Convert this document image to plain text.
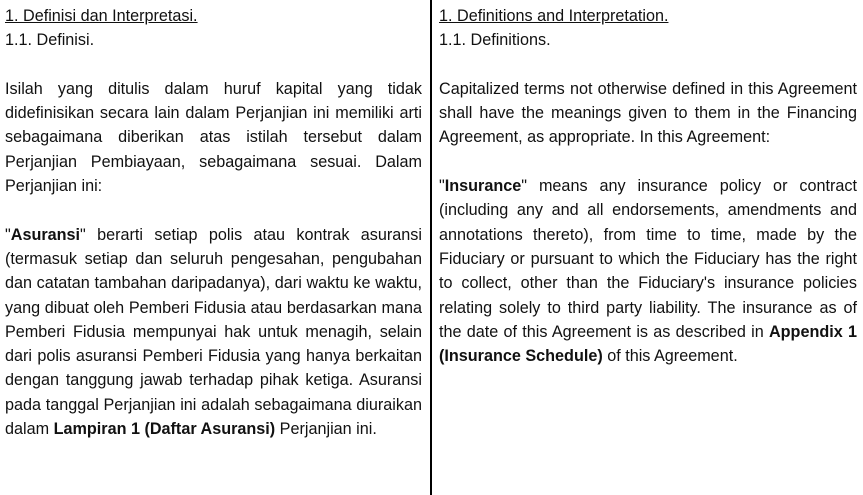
1. Definisi dan Interpretasi.
1.1. Definisi.
Isilah yang ditulis dalam huruf kapital yang tidak didefinisikan secara lain dalam Perjanjian ini memiliki arti sebagaimana diberikan atas istilah tersebut dalam Perjanjian Pembiayaan, sebagaimana sesuai. Dalam Perjanjian ini:
"Asuransi" berarti setiap polis atau kontrak asuransi (termasuk setiap dan seluruh pengesahan, pengubahan dan catatan tambahan daripadanya), dari waktu ke waktu, yang dibuat oleh Pemberi Fidusia atau berdasarkan mana Pemberi Fidusia mempunyai hak untuk menagih, selain dari polis asuransi Pemberi Fidusia yang hanya berkaitan dengan tanggung jawab terhadap pihak ketiga. Asuransi pada tanggal Perjanjian ini adalah sebagaimana diuraikan dalam Lampiran 1 (Daftar Asuransi) Perjanjian ini.
1. Definitions and Interpretation.
1.1. Definitions.
Capitalized terms not otherwise defined in this Agreement shall have the meanings given to them in the Financing Agreement, as appropriate. In this Agreement:
"Insurance" means any insurance policy or contract (including any and all endorsements, amendments and annotations thereto), from time to time, made by the Fiduciary or pursuant to which the Fiduciary has the right to collect, other than the Fiduciary's insurance policies relating solely to third party liability. The insurance as of the date of this Agreement is as described in Appendix 1 (Insurance Schedule) of this Agreement.
